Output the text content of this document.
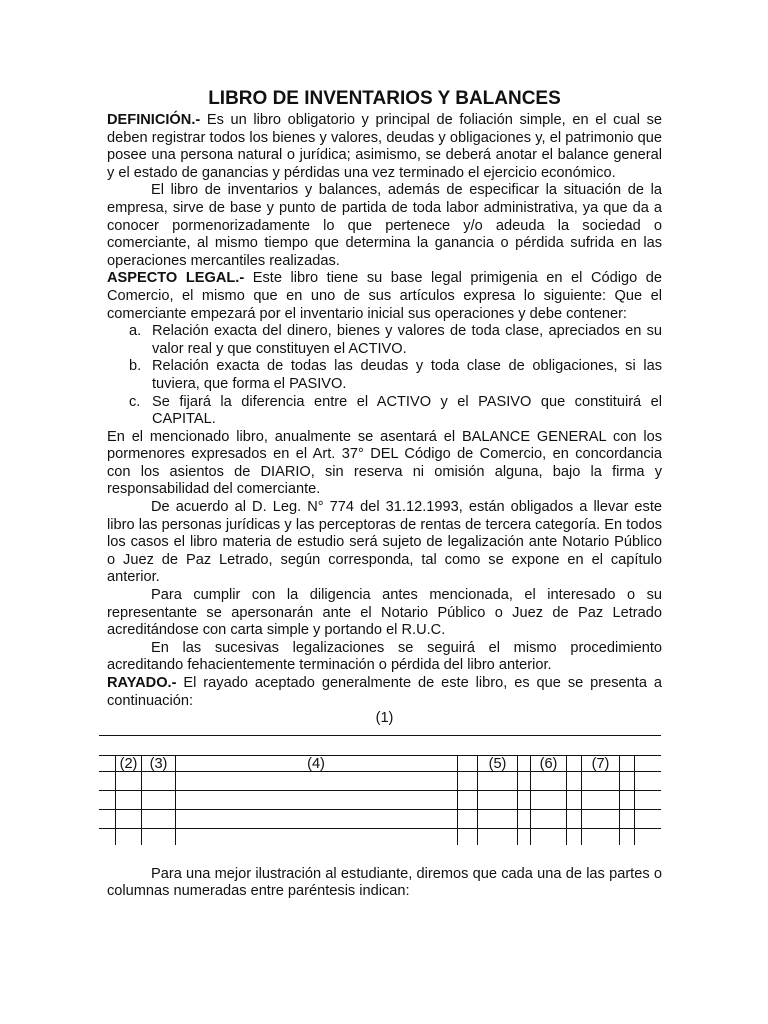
LIBRO DE INVENTARIOS Y BALANCES

DEFINICIÓN.- Es un libro obligatorio y principal de foliación simple, en el cual se deben registrar todos los bienes y valores, deudas y obligaciones y, el patrimonio que posee una persona natural o jurídica; asimismo, se deberá anotar el balance general y el estado de ganancias y pérdidas una vez terminado el ejercicio económico.

El libro de inventarios y balances, además de especificar la situación de la empresa, sirve de base y punto de partida de toda labor administrativa, ya que da a conocer pormenorizadamente lo que pertenece y/o adeuda la sociedad o comerciante, al mismo tiempo que determina la ganancia o pérdida sufrida en las operaciones mercantiles realizadas.

ASPECTO LEGAL.- Este libro tiene su base legal primigenia en el Código de Comercio, el mismo que en uno de sus artículos expresa lo siguiente: Que el comerciante empezará por el inventario inicial sus operaciones y debe contener:

a. Relación exacta del dinero, bienes y valores de toda clase, apreciados en su valor real y que constituyen el ACTIVO.
b. Relación exacta de todas las deudas y toda clase de obligaciones, si las tuviera, que forma el PASIVO.
c. Se fijará la diferencia entre el ACTIVO y el PASIVO que constituirá el CAPITAL.

En el mencionado libro, anualmente se asentará el BALANCE GENERAL con los pormenores expresados en el Art. 37° DEL Código de Comercio, en concordancia con los asientos de DIARIO, sin reserva ni omisión alguna, bajo la firma y responsabilidad del comerciante.

De acuerdo al D. Leg. N° 774 del 31.12.1993, están obligados a llevar este libro las personas jurídicas y las perceptoras de rentas de tercera categoría. En todos los casos el libro materia de estudio será sujeto de legalización ante Notario Público o Juez de Paz Letrado, según corresponda, tal como se expone en el capítulo anterior.

Para cumplir con la diligencia antes mencionada, el interesado o su representante se apersonarán ante el Notario Público o Juez de Paz Letrado acreditándose con carta simple y portando el R.U.C.

En las sucesivas legalizaciones se seguirá el mismo procedimiento acreditando fehacientemente terminación o pérdida del libro anterior.

RAYADO.- El rayado aceptado generalmente de este libro, es que se presenta a continuación:

(1)
(2) (3)	(4)	(5) (6) (7)

Para una mejor ilustración al estudiante, diremos que cada una de las partes o columnas numeradas entre paréntesis indican:
